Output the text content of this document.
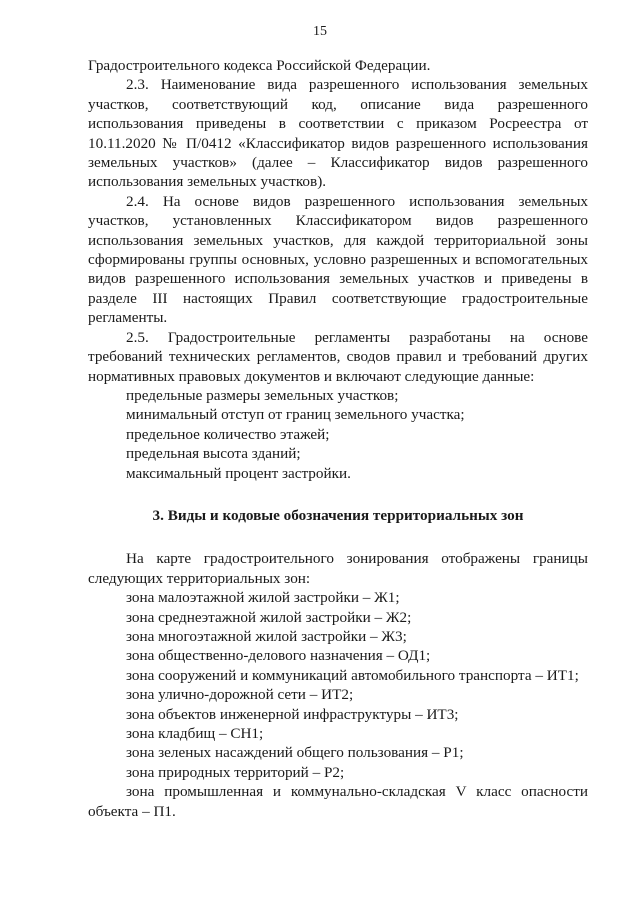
15

Градостроительного кодекса Российской Федерации.

2.3. Наименование вида разрешенного использования земельных участков, соответствующий код, описание вида разрешенного использования приведены в соответствии с приказом Росреестра от 10.11.2020 № П/0412 «Классификатор видов разрешенного использования земельных участков» (далее – Классификатор видов разрешенного использования земельных участков).

2.4. На основе видов разрешенного использования земельных участков, установленных Классификатором видов разрешенного использования земельных участков, для каждой территориальной зоны сформированы группы основных, условно разрешенных и вспомогательных видов разрешенного использования земельных участков и приведены в разделе III настоящих Правил соответствующие градостроительные регламенты.

2.5. Градостроительные регламенты разработаны на основе требований технических регламентов, сводов правил и требований других нормативных правовых документов и включают следующие данные:

предельные размеры земельных участков;

минимальный отступ от границ земельного участка;

предельное количество этажей;

предельная высота зданий;

максимальный процент застройки.

3. Виды и кодовые обозначения территориальных зон

На карте градостроительного зонирования отображены границы следующих территориальных зон:

зона малоэтажной жилой застройки – Ж1;

зона среднеэтажной жилой застройки – Ж2;

зона многоэтажной жилой застройки – Ж3;

зона общественно-делового назначения – ОД1;

зона сооружений и коммуникаций автомобильного транспорта – ИТ1;

зона улично-дорожной сети – ИТ2;

зона объектов инженерной инфраструктуры – ИТ3;

зона кладбищ – СН1;

зона зеленых насаждений общего пользования – Р1;

зона природных территорий – Р2;

зона промышленная и коммунально-складская V класс опасности объекта – П1.
